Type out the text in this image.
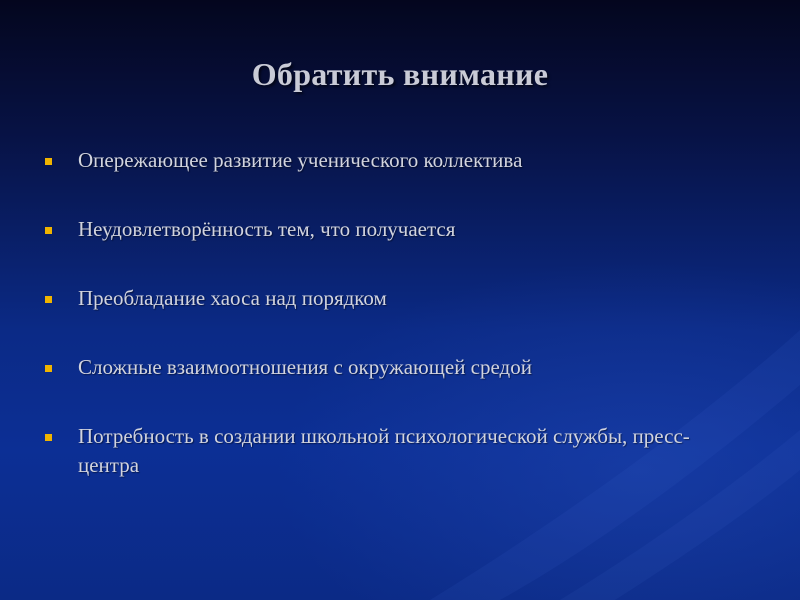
Обратить внимание
Опережающее развитие ученического коллектива
Неудовлетворённость тем, что получается
Преобладание хаоса над порядком
Сложные взаимоотношения с окружающей средой
Потребность в создании школьной психологической службы, пресс-центра
